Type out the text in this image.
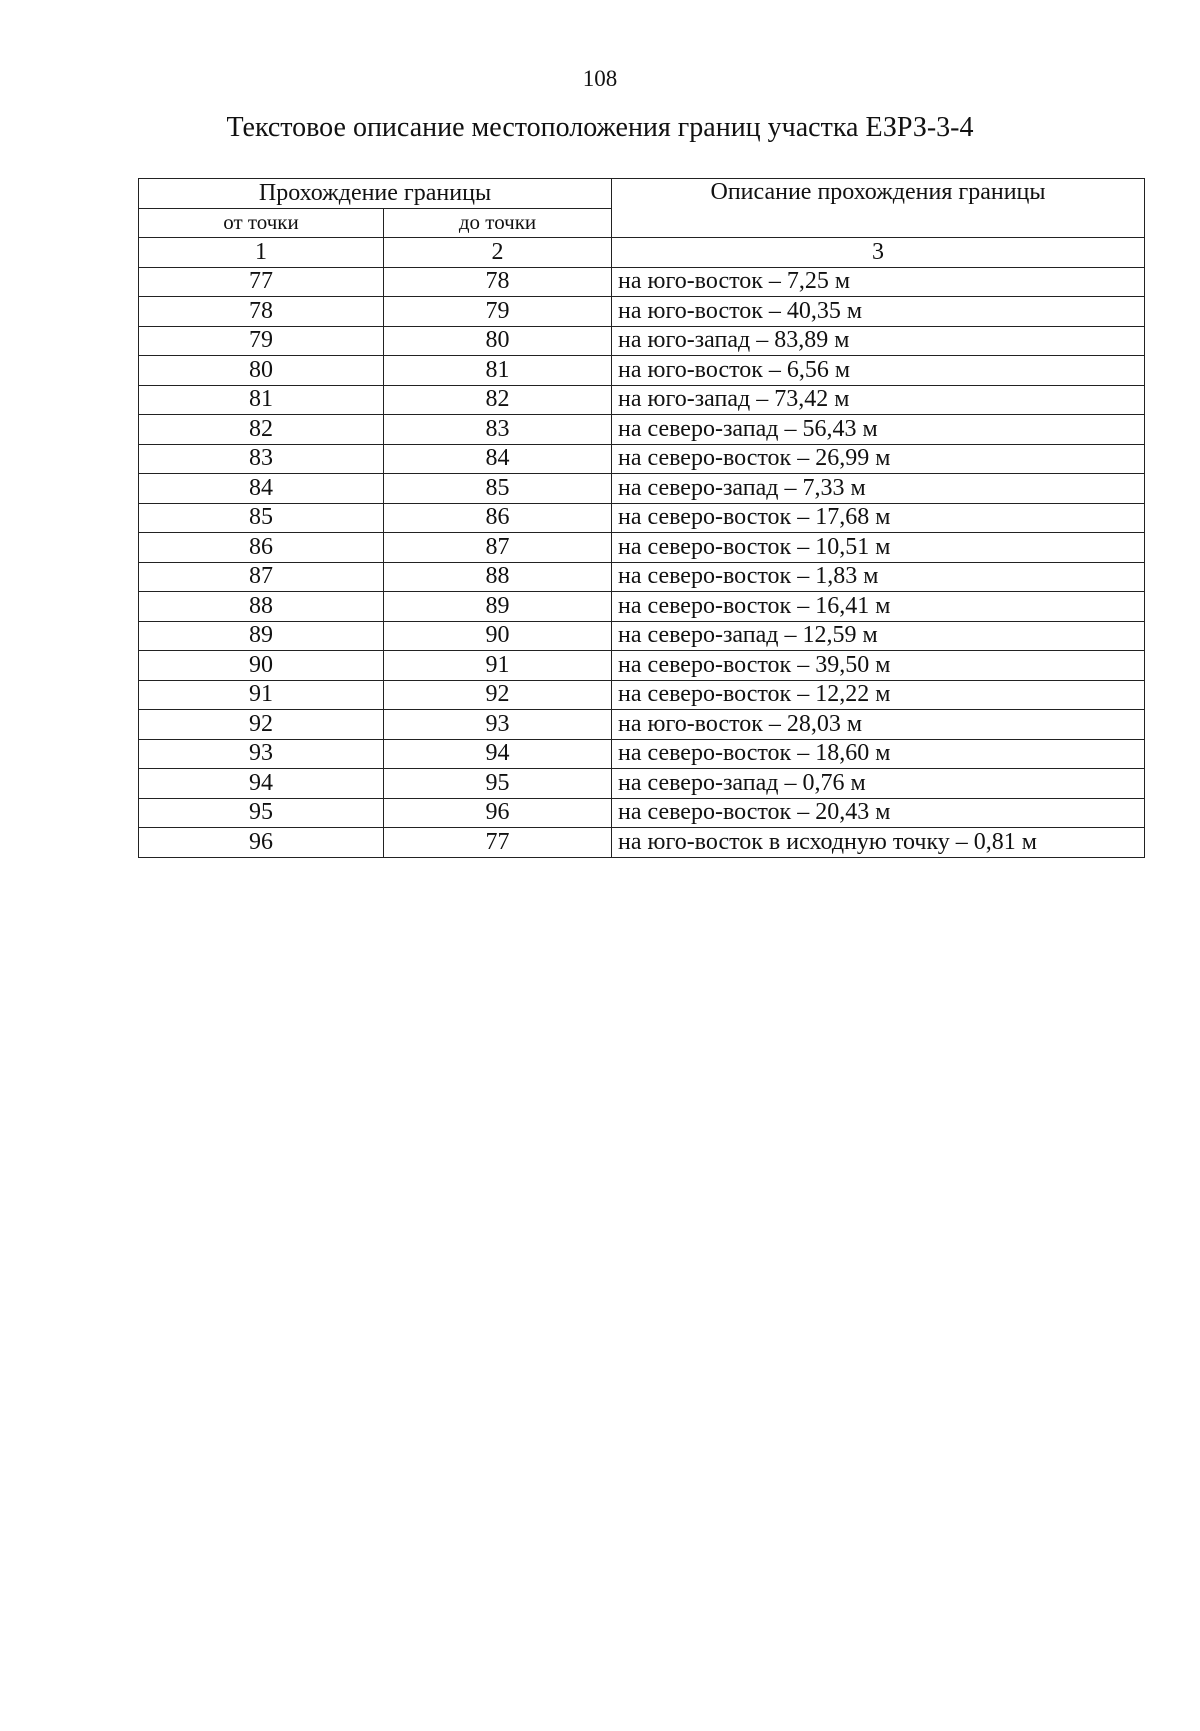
108
Текстовое описание местоположения границ участка ЕЗРЗ-3-4
Прохождение границы		Описание прохождения границы
от точки	до точки	
1	2	3
77	78	на юго-восток – 7,25 м
78	79	на юго-восток – 40,35 м
79	80	на юго-запад – 83,89 м
80	81	на юго-восток – 6,56 м
81	82	на юго-запад – 73,42 м
82	83	на северо-запад – 56,43 м
83	84	на северо-восток – 26,99 м
84	85	на северо-запад – 7,33 м
85	86	на северо-восток – 17,68 м
86	87	на северо-восток – 10,51 м
87	88	на северо-восток – 1,83 м
88	89	на северо-восток – 16,41 м
89	90	на северо-запад – 12,59 м
90	91	на северо-восток – 39,50 м
91	92	на северо-восток – 12,22 м
92	93	на юго-восток – 28,03 м
93	94	на северо-восток – 18,60 м
94	95	на северо-запад – 0,76 м
95	96	на северо-восток – 20,43 м
96	77	на юго-восток в исходную точку – 0,81 м
